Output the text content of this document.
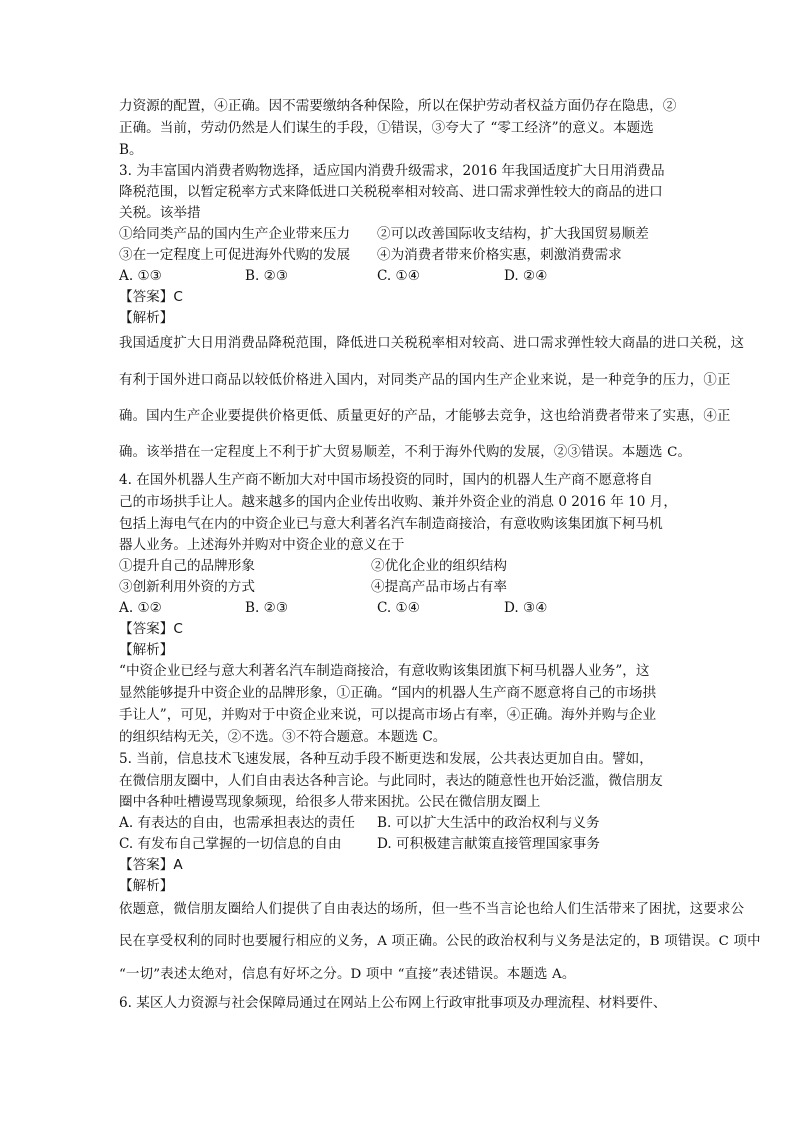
力资源的配置，④正确。因不需要缴纳各种保险，所以在保护劳动者权益方面仍存在隐患，②
正确。当前，劳动仍然是人们谋生的手段，①错误，③夸大了 “零工经济”的意义。本题选
B。
3. 为丰富国内消费者购物选择，适应国内消费升级需求，2016 年我国适度扩大日用消费品
降税范围，以暂定税率方式来降低进口关税税率相对较高、进口需求弹性较大的商品的进口
关税。该举措
①给同类产品的国内生产企业带来压力 ②可以改善国际收支结构，扩大我国贸易顺差
③在一定程度上可促进海外代购的发展 ④为消费者带来价格实惠，刺激消费需求
A. ①③	B. ②③	C. ①④	D. ②④
【答案】C
【解析】
我国适度扩大日用消费品降税范围，降低进口关税税率相对较高、进口需求弹性较大商晶的进口关税，这
有利于国外进口商品以较低价格进入国内，对同类产品的国内生产企业来说，是一种竞争的压力，①正
确。国内生产企业要提供价格更低、质量更好的产品，才能够去竞争，这也给消费者带来了实惠，④正
确。该举措在一定程度上不利于扩大贸易顺差，不利于海外代购的发展，②③错误。本题选 C。
4. 在国外机器人生产商不断加大对中国市场投资的同时，国内的机器人生产商不愿意将自
己的市场拱手让人。越来越多的国内企业传出收购、兼并外资企业的消息 0 2016 年 10 月，
包括上海电气在内的中资企业已与意大利著名汽车制造商接洽，有意收购该集团旗下柯马机
器人业务。上述海外并购对中资企业的意义在于
①提升自己的品牌形象	②优化企业的组织结构
③创新利用外资的方式	④提高产品市场占有率
A. ①②	B. ②③	C. ①④	D. ③④
【答案】C
【解析】
“中资企业已经与意大利著名汽车制造商接洽，有意收购该集团旗下柯马机器人业务”，这
显然能够提升中资企业的品牌形象，①正确。“国内的机器人生产商不愿意将自己的市场拱
手让人”，可见，并购对于中资企业来说，可以提高市场占有率，④正确。海外并购与企业
的组织结构无关，②不选。③不符合题意。本题选 C。
5. 当前，信息技术飞速发展，各种互动手段不断更迭和发展，公共表达更加自由。譬如，
在微信朋友圈中，人们自由表达各种言论。与此同时，表达的随意性也开始泛滥，微信朋友
圈中各种吐槽谩骂现象频现，给很多人带来困扰。公民在微信朋友圈上
A. 有表达的自由，也需承担表达的责任 B. 可以扩大生活中的政治权利与义务
C. 有发布自己掌握的一切信息的自由	D. 可积极建言献策直接管理国家事务
【答案】A
【解析】
依题意，微信朋友圈给人们提供了自由表达的场所，但一些不当言论也给人们生活带来了困扰，这要求公
民在享受权利的同时也要履行相应的义务，A 项正确。公民的政治权利与义务是法定的，B 项错误。C 项中
“一切”表述太绝对，信息有好坏之分。D 项中 “直接”表述错误。本题选 A。
6. 某区人力资源与社会保障局通过在网站上公布网上行政审批事项及办理流程、材料要件、
